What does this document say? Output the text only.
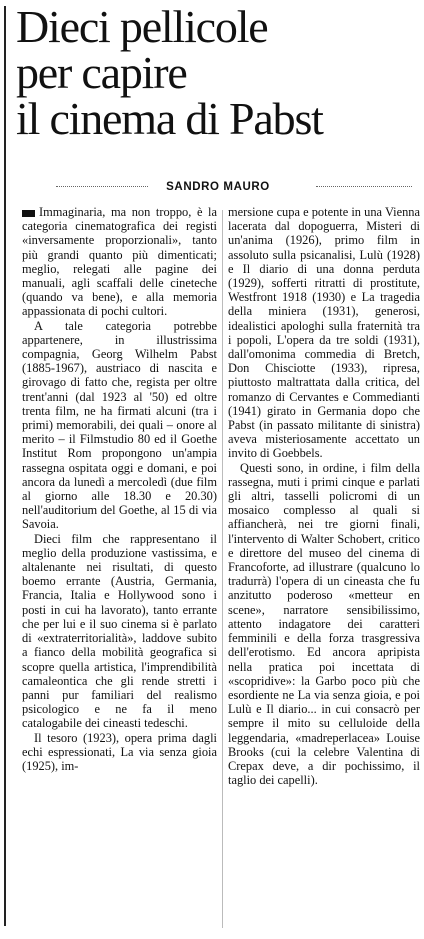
Dieci pellicole
per capire
il cinema di Pabst
SANDRO MAURO

Immaginaria, ma non troppo, è la categoria cinematografica dei registi «inversamente proporzionali», tanto più grandi quanto più dimenticati; meglio, relegati alle pagine dei manuali, agli scaffali delle cineteche (quando va bene), e alla memoria appassionata di pochi cultori.

A tale categoria potrebbe appartenere, in illustrissima compagnia, Georg Wilhelm Pabst (1885-1967), austriaco di nascita e girovago di fatto che, regista per oltre trent'anni (dal 1923 al '50) ed oltre trenta film, ne ha firmati alcuni (tra i primi) memorabili, dei quali – onore al merito – il Filmstudio 80 ed il Goethe Institut Rom propongono un'ampia rassegna ospitata oggi e domani, e poi ancora da lunedì a mercoledì (due film al giorno alle 18.30 e 20.30) nell'auditorium del Goethe, al 15 di via Savoia.

Dieci film che rappresentano il meglio della produzione vastissima, e altalenante nei risultati, di questo boemo errante (Austria, Germania, Francia, Italia e Hollywood sono i posti in cui ha lavorato), tanto errante che per lui e il suo cinema si è parlato di «extraterritorialità», laddove subito a fianco della mobilità geografica si scopre quella artistica, l'imprendibilità camaleontica che gli rende stretti i panni pur familiari del realismo psicologico e ne fa il meno catalogabile dei cineasti tedeschi.

Il tesoro (1923), opera prima dagli echi espressionati, La via senza gioia (1925), im-

mersione cupa e potente in una Vienna lacerata dal dopoguerra, Misteri di un'anima (1926), primo film in assoluto sulla psicanalisi, Lulù (1928) e Il diario di una donna perduta (1929), sofferti ritratti di prostitute, Westfront 1918 (1930) e La tragedia della miniera (1931), generosi, idealistici apologhi sulla fraternità tra i popoli, L'opera da tre soldi (1931), dall'omonima commedia di Bretch, Don Chisciotte (1933), ripresa, piuttosto maltrattata dalla critica, del romanzo di Cervantes e Commedianti (1941) girato in Germania dopo che Pabst (in passato militante di sinistra) aveva misteriosamente accettato un invito di Goebbels.

Questi sono, in ordine, i film della rassegna, muti i primi cinque e parlati gli altri, tasselli policromi di un mosaico complesso al quali si affiancherà, nei tre giorni finali, l'intervento di Walter Schobert, critico e direttore del museo del cinema di Francoforte, ad illustrare (qualcuno lo tradurrà) l'opera di un cineasta che fu anzitutto poderoso «metteur en scene», narratore sensibilissimo, attento indagatore dei caratteri femminili e della forza trasgressiva dell'erotismo. Ed ancora apripista nella pratica poi incettata di «scopridive»: la Garbo poco più che esordiente ne La via senza gioia, e poi Lulù e Il diario... in cui consacrò per sempre il mito su celluloide della leggendaria, «madreperlacea» Louise Brooks (cui la celebre Valentina di Crepax deve, a dir pochissimo, il taglio dei capelli).
